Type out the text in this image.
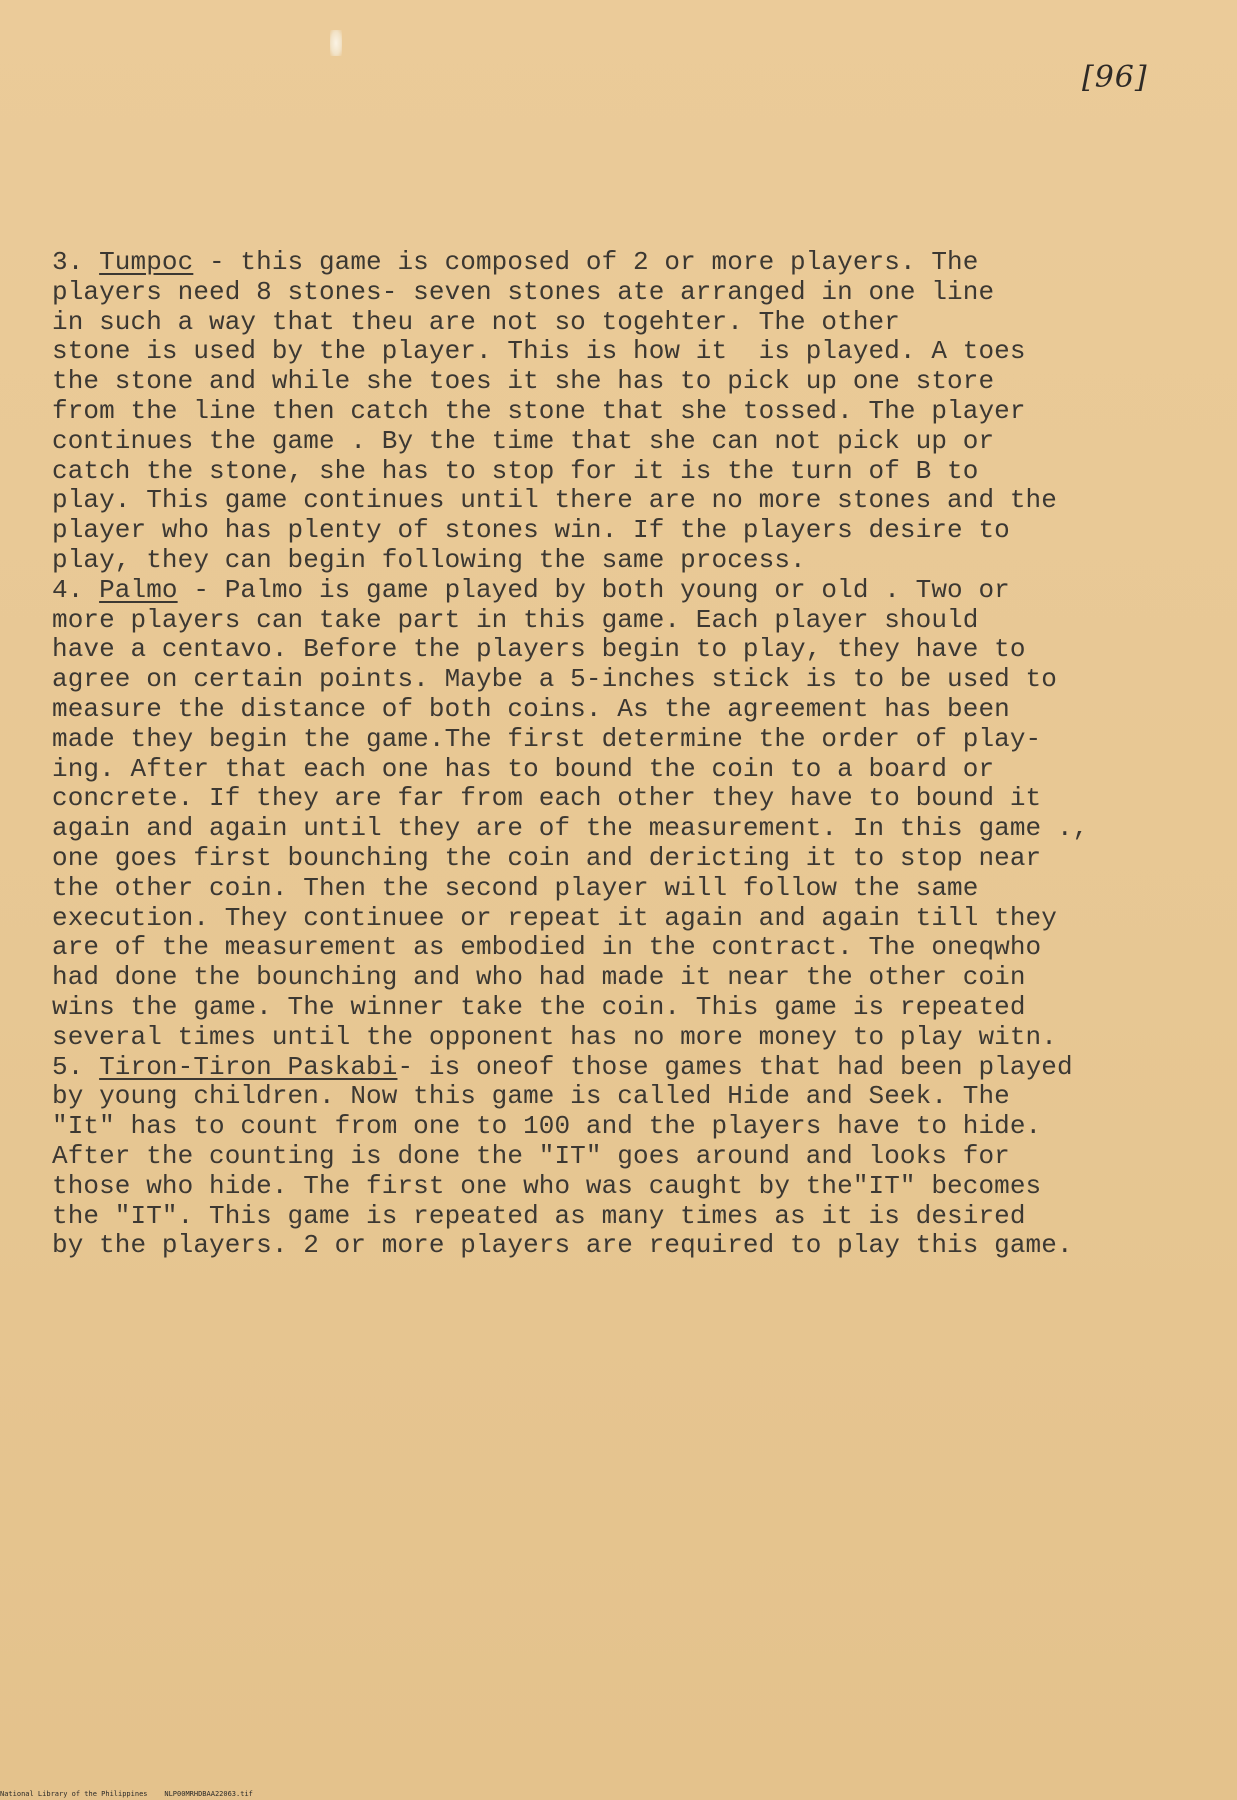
[96]
3. Tumpoc - this game is composed of 2 or more players. The
players need 8 stones- seven stones ate arranged in one line
in such a way that theu are not so togehter. The other
stone is used by the player. This is how it  is played. A toes
the stone and while she toes it she has to pick up one store
from the line then catch the stone that she tossed. The player
continues the game . By the time that she can not pick up or
catch the stone, she has to stop for it is the turn of B to
play. This game continues until there are no more stones and the
player who has plenty of stones win. If the players desire to
play, they can begin following the same process.
4. Palmo - Palmo is game played by both young or old . Two or
more players can take part in this game. Each player should
have a centavo. Before the players begin to play, they have to
agree on certain points. Maybe a 5-inches stick is to be used to
measure the distance of both coins. As the agreement has been
made they begin the game.The first determine the order of play-
ing. After that each one has to bound the coin to a board or
concrete. If they are far from each other they have to bound it
again and again until they are of the measurement. In this game .,
one goes first bounching the coin and dericting it to stop near
the other coin. Then the second player will follow the same
execution. They continuee or repeat it again and again till they
are of the measurement as embodied in the contract. The oneqwho
had done the bounching and who had made it near the other coin
wins the game. The winner take the coin. This game is repeated
several times until the opponent has no more money to play witn.
5. Tiron-Tiron Paskabi- is oneof those games that had been played
by young children. Now this game is called Hide and Seek. The
"It" has to count from one to 100 and the players have to hide.
After the counting is done the "IT" goes around and looks for
those who hide. The first one who was caught by the"IT" becomes
the "IT". This game is repeated as many times as it is desired
by the players. 2 or more players are required to play this game.
National Library of the Philippines NLP00MRHDBAA22063.tif
